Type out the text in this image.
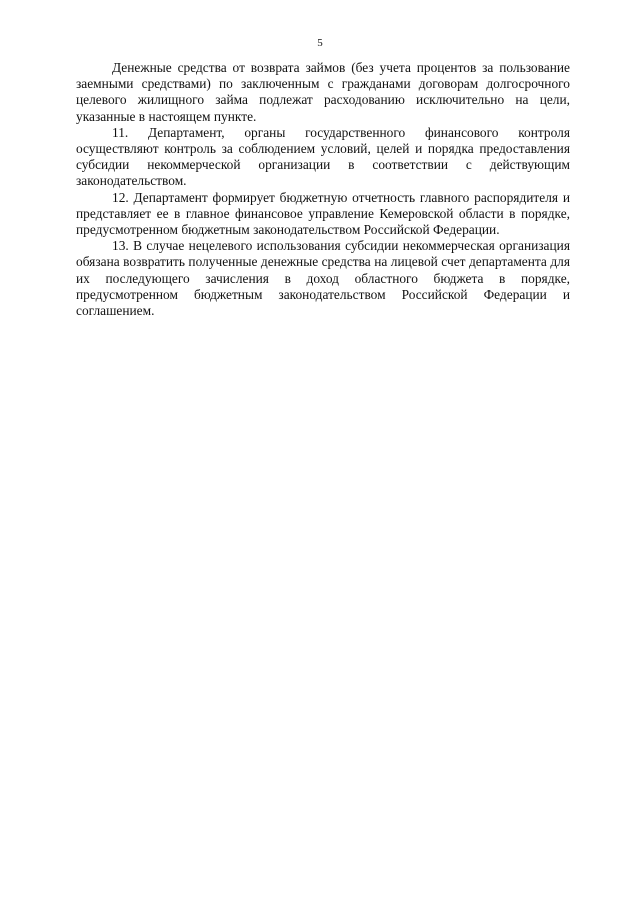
5

Денежные средства от возврата займов (без учета процентов за пользование заемными средствами) по заключенным с гражданами договорам долгосрочного целевого жилищного займа подлежат расходованию исключительно на цели, указанные в настоящем пункте.

11. Департамент, органы государственного финансового контроля осуществляют контроль за соблюдением условий, целей и порядка предоставления субсидии некоммерческой организации в соответствии с действующим законодательством.

12. Департамент формирует бюджетную отчетность главного распорядителя и представляет ее в главное финансовое управление Кемеровской области в порядке, предусмотренном бюджетным законодательством Российской Федерации.

13. В случае нецелевого использования субсидии некоммерческая организация обязана возвратить полученные денежные средства на лицевой счет департамента для их последующего зачисления в доход областного бюджета в порядке, предусмотренном бюджетным законодательством Российской Федерации и соглашением.
